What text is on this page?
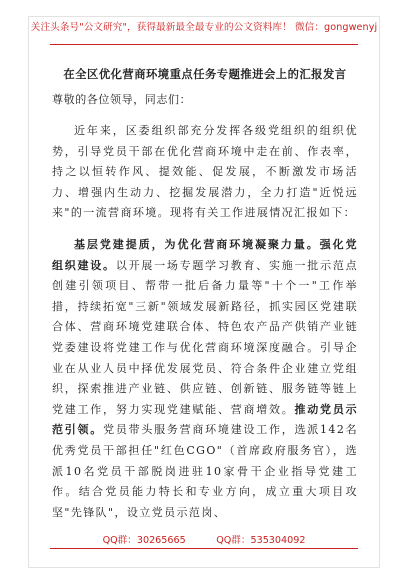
关注头条号"公文研究"，获得最新最全最专业的公文资料库！ 微信：gongwenyj
在全区优化营商环境重点任务专题推进会上的汇报发言
尊敬的各位领导，同志们：

近年来，区委组织部充分发挥各级党组织的组织优势，引导党员干部在优化营商环境中走在前、作表率，持之以恒转作风、提效能、促发展，不断激发市场活力、增强内生动力、挖掘发展潜力，全力打造"近悦远来"的一流营商环境。现将有关工作进展情况汇报如下：

基层党建提质，为优化营商环境凝聚力量。强化党组织建设。以开展一场专题学习教育、实施一批示范点创建引领项目、帮带一批后备力量等"十个一"工作举措，持续拓宽"三新"领域发展新路径，抓实园区党建联合体、营商环境党建联合体、特色农产品产供销产业链党委建设将党建工作与优化营商环境深度融合。引导企业在从业人员中择优发展党员、符合条件企业建立党组织，探索推进产业链、供应链、创新链、服务链等链上党建工作，努力实现党建赋能、营商增效。推动党员示范引领。党员带头服务营商环境建设工作，选派142名优秀党员干部担任"红色CGO"（首席政府服务官），选派10名党员干部脱岗进驻10家骨干企业指导党建工作。结合党员能力特长和专业方向，成立重大项目攻坚"先锋队"，设立党员示范岗、

QQ群：30265665	QQ群：535304092
